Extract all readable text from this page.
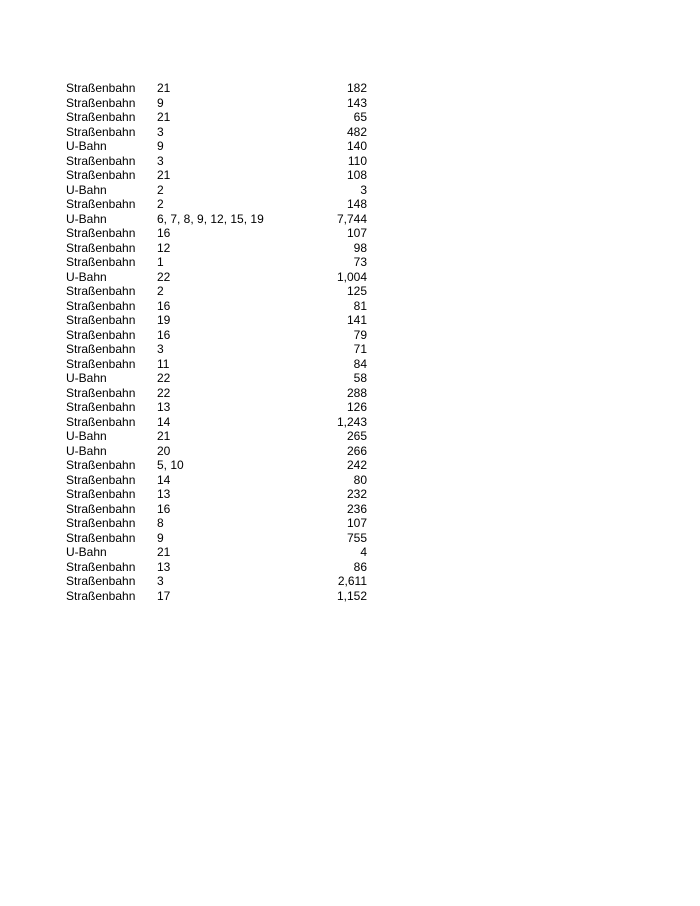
Straßenbahn	21	182
Straßenbahn	9	143
Straßenbahn	21	65
Straßenbahn	3	482
U-Bahn	9	140
Straßenbahn	3	110
Straßenbahn	21	108
U-Bahn	2	3
Straßenbahn	2	148
U-Bahn	6, 7, 8, 9, 12, 15, 19	7,744
Straßenbahn	16	107
Straßenbahn	12	98
Straßenbahn	1	73
U-Bahn	22	1,004
Straßenbahn	2	125
Straßenbahn	16	81
Straßenbahn	19	141
Straßenbahn	16	79
Straßenbahn	3	71
Straßenbahn	11	84
U-Bahn	22	58
Straßenbahn	22	288
Straßenbahn	13	126
Straßenbahn	14	1,243
U-Bahn	21	265
U-Bahn	20	266
Straßenbahn	5, 10	242
Straßenbahn	14	80
Straßenbahn	13	232
Straßenbahn	16	236
Straßenbahn	8	107
Straßenbahn	9	755
U-Bahn	21	4
Straßenbahn	13	86
Straßenbahn	3	2,611
Straßenbahn	17	1,152
